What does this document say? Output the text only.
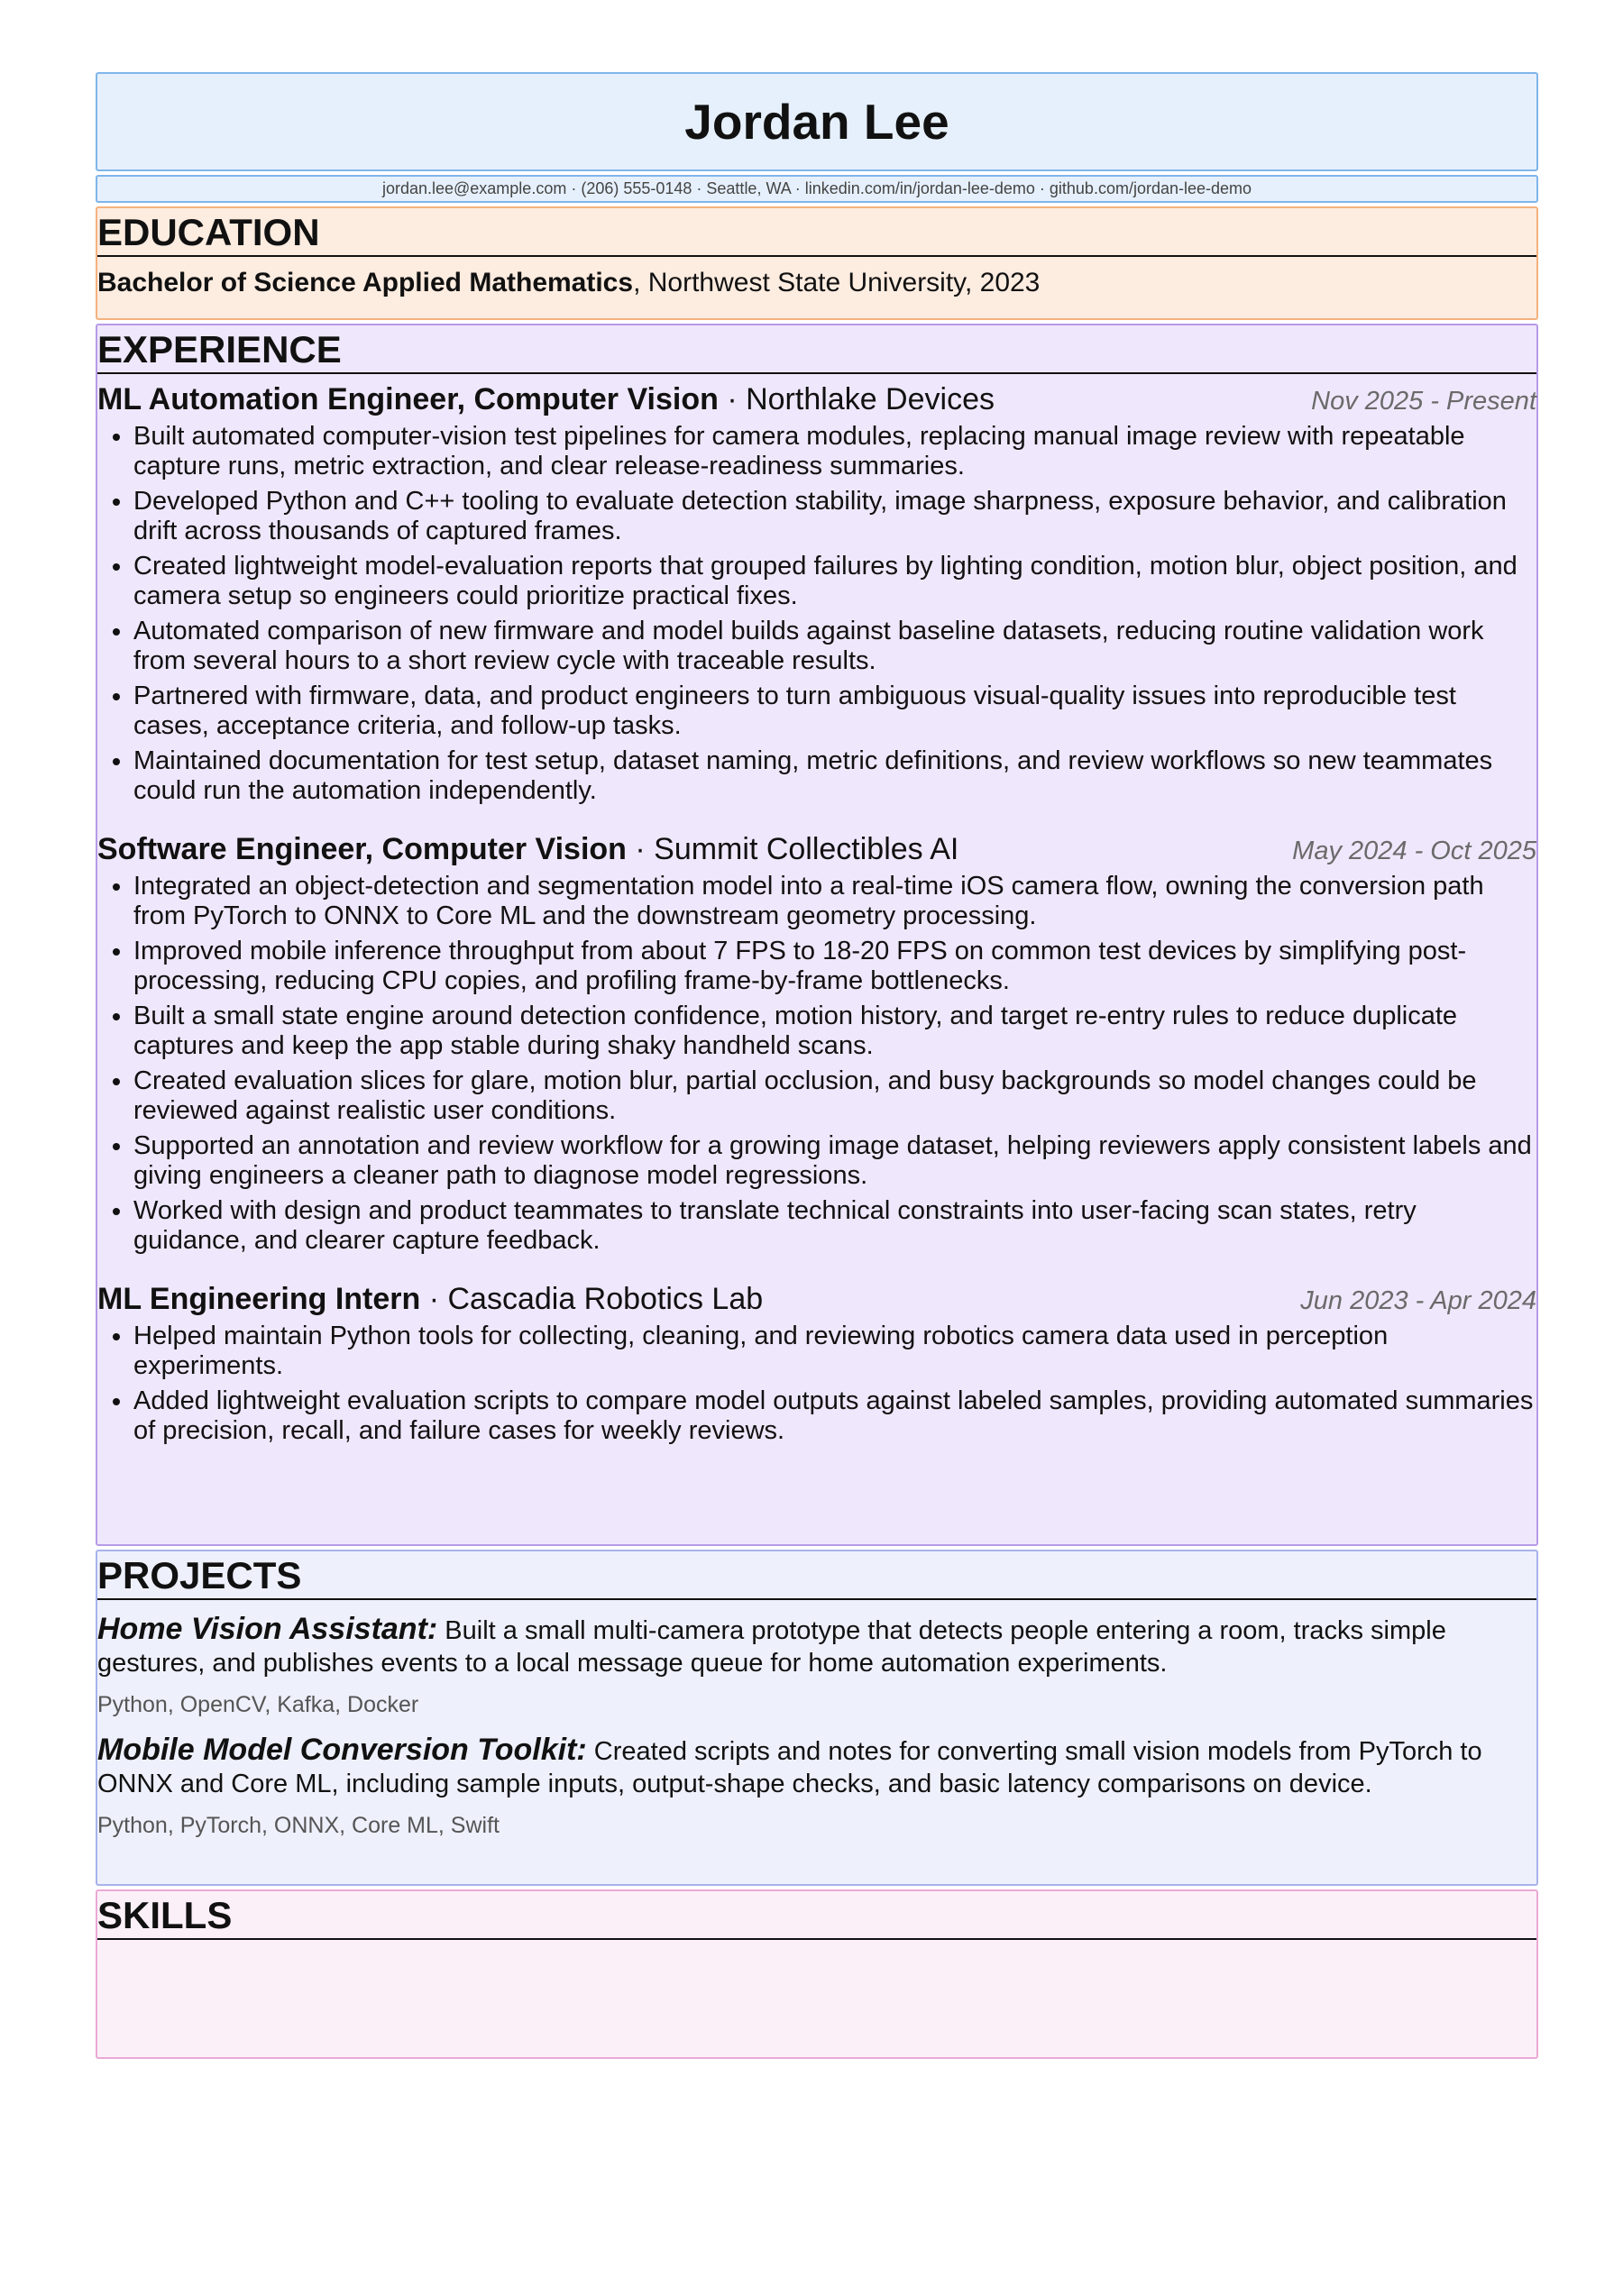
Jordan Lee
jordan.lee@example.com · (206) 555-0148 · Seattle, WA · linkedin.com/in/jordan-lee-demo · github.com/jordan-lee-demo
EDUCATION
Bachelor of Science Applied Mathematics, Northwest State University, 2023
EXPERIENCE
ML Automation Engineer, Computer Vision · Northlake Devices	Nov 2025 - Present
• Built automated computer-vision test pipelines for camera modules, replacing manual image review with repeatable capture runs, metric extraction, and clear release-readiness summaries.
• Developed Python and C++ tooling to evaluate detection stability, image sharpness, exposure behavior, and calibration drift across thousands of captured frames.
• Created lightweight model-evaluation reports that grouped failures by lighting condition, motion blur, object position, and camera setup so engineers could prioritize practical fixes.
• Automated comparison of new firmware and model builds against baseline datasets, reducing routine validation work from several hours to a short review cycle with traceable results.
• Partnered with firmware, data, and product engineers to turn ambiguous visual-quality issues into reproducible test cases, acceptance criteria, and follow-up tasks.
• Maintained documentation for test setup, dataset naming, metric definitions, and review workflows so new teammates could run the automation independently.
Software Engineer, Computer Vision · Summit Collectibles AI	May 2024 - Oct 2025
• Integrated an object-detection and segmentation model into a real-time iOS camera flow, owning the conversion path from PyTorch to ONNX to Core ML and the downstream geometry processing.
• Improved mobile inference throughput from about 7 FPS to 18-20 FPS on common test devices by simplifying post-processing, reducing CPU copies, and profiling frame-by-frame bottlenecks.
• Built a small state engine around detection confidence, motion history, and target re-entry rules to reduce duplicate captures and keep the app stable during shaky handheld scans.
• Created evaluation slices for glare, motion blur, partial occlusion, and busy backgrounds so model changes could be reviewed against realistic user conditions.
• Supported an annotation and review workflow for a growing image dataset, helping reviewers apply consistent labels and giving engineers a cleaner path to diagnose model regressions.
• Worked with design and product teammates to translate technical constraints into user-facing scan states, retry guidance, and clearer capture feedback.
ML Engineering Intern · Cascadia Robotics Lab	Jun 2023 - Apr 2024
• Helped maintain Python tools for collecting, cleaning, and reviewing robotics camera data used in perception experiments.
• Added lightweight evaluation scripts to compare model outputs against labeled samples, providing automated summaries of precision, recall, and failure cases for weekly reviews.
PROJECTS
Home Vision Assistant: Built a small multi-camera prototype that detects people entering a room, tracks simple gestures, and publishes events to a local message queue for home automation experiments.
Python, OpenCV, Kafka, Docker
Mobile Model Conversion Toolkit: Created scripts and notes for converting small vision models from PyTorch to ONNX and Core ML, including sample inputs, output-shape checks, and basic latency comparisons on device.
Python, PyTorch, ONNX, Core ML, Swift
SKILLS
